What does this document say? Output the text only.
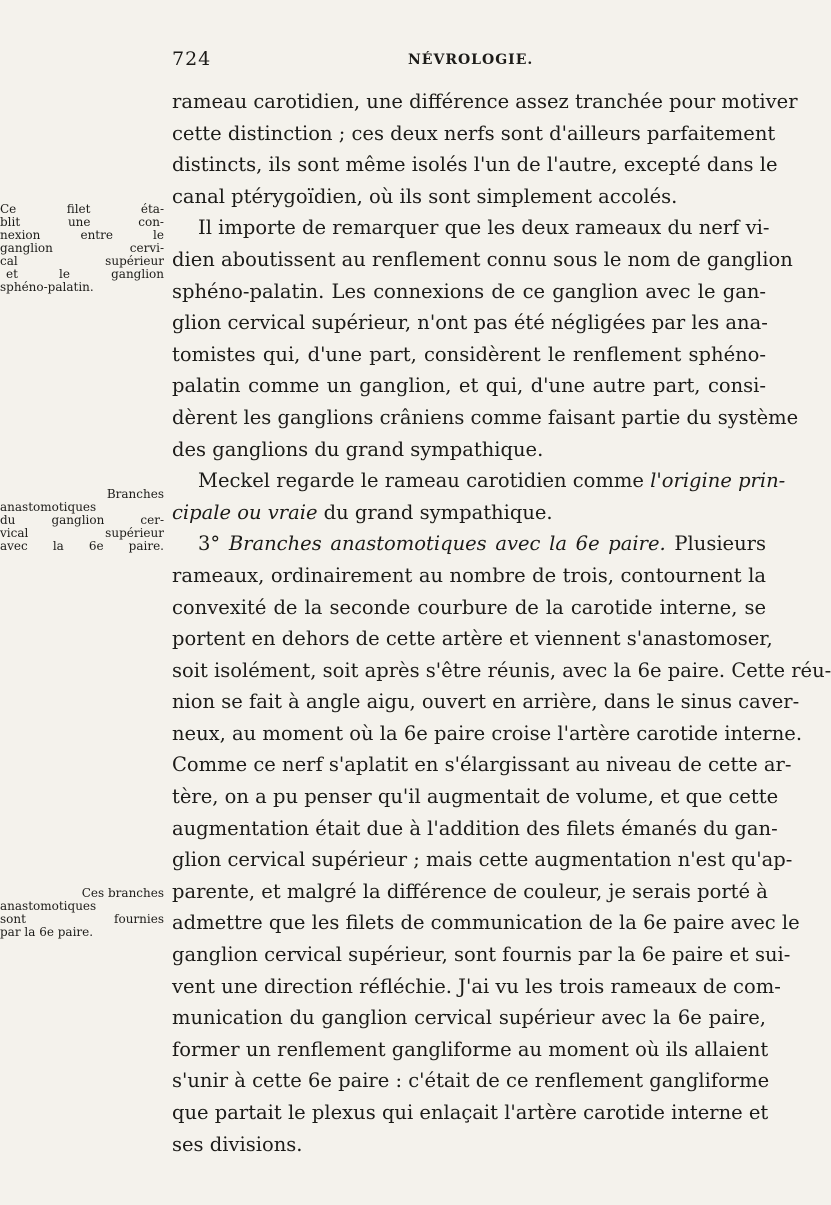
724	NÉVROLOGIE.
Ce filet éta-
blit une con-
nexion entre le
ganglion cervi-
cal supérieur
et le ganglion
sphéno-palatin.
Branches
anastomotiques
du ganglion cer-
vical supérieur
avec la 6e paire.
Ces branches
anastomotiques
sont fournies
par la 6e paire.
rameau carotidien, une différence assez tranchée pour motiver
cette distinction ; ces deux nerfs sont d'ailleurs parfaitement
distincts, ils sont même isolés l'un de l'autre, excepté dans le
canal ptérygoïdien, où ils sont simplement accolés.
Il importe de remarquer que les deux rameaux du nerf vi-
dien aboutissent au renflement connu sous le nom de ganglion
sphéno-palatin. Les connexions de ce ganglion avec le gan-
glion cervical supérieur, n'ont pas été négligées par les ana-
tomistes qui, d'une part, considèrent le renflement sphéno-
palatin comme un ganglion, et qui, d'une autre part, consi-
dèrent les ganglions crâniens comme faisant partie du système
des ganglions du grand sympathique.
Meckel regarde le rameau carotidien comme l'origine prin-
cipale ou vraie du grand sympathique.
3° Branches anastomotiques avec la 6e paire. Plusieurs
rameaux, ordinairement au nombre de trois, contournent la
convexité de la seconde courbure de la carotide interne, se
portent en dehors de cette artère et viennent s'anastomoser,
soit isolément, soit après s'être réunis, avec la 6e paire. Cette réu-
nion se fait à angle aigu, ouvert en arrière, dans le sinus caver-
neux, au moment où la 6e paire croise l'artère carotide interne.
Comme ce nerf s'aplatit en s'élargissant au niveau de cette ar-
tère, on a pu penser qu'il augmentait de volume, et que cette
augmentation était due à l'addition des filets émanés du gan-
glion cervical supérieur ; mais cette augmentation n'est qu'ap-
parente, et malgré la différence de couleur, je serais porté à
admettre que les filets de communication de la 6e paire avec le
ganglion cervical supérieur, sont fournis par la 6e paire et sui-
vent une direction réfléchie. J'ai vu les trois rameaux de com-
munication du ganglion cervical supérieur avec la 6e paire,
former un renflement gangliforme au moment où ils allaient
s'unir à cette 6e paire : c'était de ce renflement gangliforme
que partait le plexus qui enlaçait l'artère carotide interne et
ses divisions.
